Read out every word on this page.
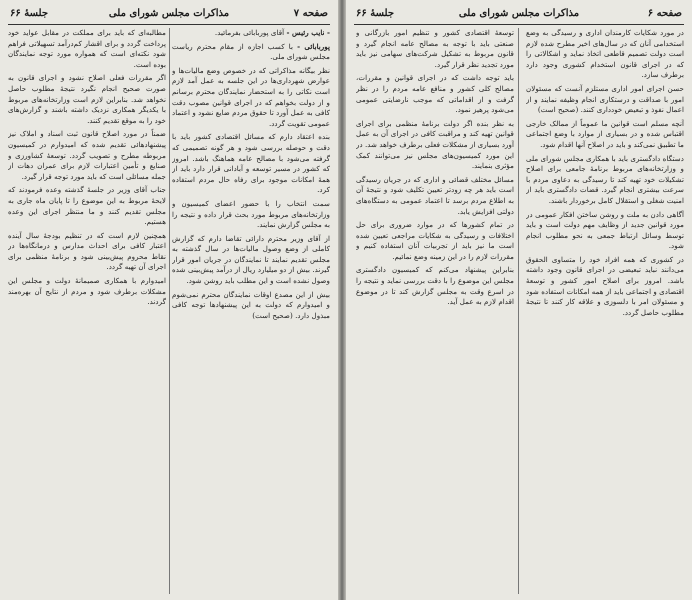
صفحه ۷
مذاکرات مجلس شورای ملی
جلسهٔ ۶۶

- نایب رئیس - آقای پوربابائی بفرمائید.

پوربابائی - با کسب اجازه از مقام محترم ریاست مجلس شورای ملی.

نظر بیگانه مذاکراتی که در خصوص وضع مالیات‌ها و عوارض شهرداری‌ها در این جلسه به عمل آمد لازم است نکاتی را به استحضار نمایندگان محترم برسانم و از دولت بخواهم که در اجرای قوانین مصوب دقت کافی به عمل آورد تا حقوق مردم ضایع نشود و اعتماد عمومی تقویت گردد.

بنده اعتقاد دارم که مسائل اقتصادی کشور باید با دقت و حوصله بررسی شود و هر گونه تصمیمی که گرفته می‌شود با مصالح عامه هماهنگ باشد. امروز که کشور در مسیر توسعه و آبادانی قرار دارد باید از همهٔ امکانات موجود برای رفاه حال مردم استفاده کرد.

سمت انتخاب را با حضور اعضای کمیسیون و وزارتخانه‌های مربوط مورد بحث قرار داده و نتیجه را به مجلس گزارش نمایند.

از آقای وزیر محترم دارائی تقاضا دارم که گزارش کاملی از وضع وصول مالیات‌ها در سال گذشته به مجلس تقدیم نمایند تا نمایندگان در جریان امور قرار گیرند. بیش از دو میلیارد ریال از درآمد پیش‌بینی شده وصول نشده است و این مطلب باید روشن شود.

بیش از این مصدع اوقات نمایندگان محترم نمی‌شوم و امیدوارم که دولت به این پیشنهادها توجه کافی مبذول دارد. (صحیح است)

مطالبه‌ای که باید برای مملکت در مقابل عواید خود پرداخت گردد و برای اقشار کم‌درآمد تسهیلاتی فراهم شود نکته‌ای است که همواره مورد توجه نمایندگان بوده است.

اگر مقررات فعلی اصلاح نشود و اجرای قانون به صورت صحیح انجام نگیرد نتیجهٔ مطلوب حاصل نخواهد شد. بنابراین لازم است وزارتخانه‌های مربوط با یکدیگر همکاری نزدیک داشته باشند و گزارش‌های خود را به موقع تقدیم کنند.

ضمناً در مورد اصلاح قانون ثبت اسناد و املاک نیز پیشنهادهائی تقدیم شده که امیدوارم در کمیسیون مربوطه مطرح و تصویب گردد. توسعهٔ کشاورزی و صنایع و تأمین اعتبارات لازم برای عمران دهات از جمله مسائلی است که باید مورد توجه قرار گیرد.

جناب آقای وزیر در جلسهٔ گذشته وعده فرمودند که لایحهٔ مربوط به این موضوع را تا پایان ماه جاری به مجلس تقدیم کنند و ما منتظر اجرای این وعده هستیم.

همچنین لازم است که در تنظیم بودجهٔ سال آینده اعتبار کافی برای احداث مدارس و درمانگاه‌ها در نقاط محروم پیش‌بینی شود و برنامهٔ منظمی برای اجرای آن تهیه گردد.

امیدوارم با همکاری صمیمانهٔ دولت و مجلس این مشکلات برطرف شود و مردم از نتایج آن بهره‌مند گردند.

صفحه ۶
مذاکرات مجلس شورای ملی
جلسهٔ ۶۶

در مورد شکایات کارمندان اداری و رسیدگی به وضع استخدامی آنان که در سال‌های اخیر مطرح شده لازم است دولت تصمیم قاطعی اتخاذ نماید و اشکالاتی را که در اجرای قانون استخدام کشوری وجود دارد برطرف سازد.

حسن اجرای امور اداری مستلزم آنست که مسئولان امور با صداقت و درستکاری انجام وظیفه نمایند و از اعمال نفوذ و تبعیض خودداری کنند. (صحیح است)

آنچه مسلم است قوانین ما عموماً از ممالک خارجی اقتباس شده و در بسیاری از موارد با وضع اجتماعی ما تطبیق نمی‌کند و باید در اصلاح آنها اقدام شود.

دستگاه دادگستری باید با همکاری مجلس شورای ملی و وزارتخانه‌های مربوط برنامهٔ جامعی برای اصلاح تشکیلات خود تهیه کند تا رسیدگی به دعاوی مردم با سرعت بیشتری انجام گیرد. قضات دادگستری باید از امنیت شغلی و استقلال کامل برخوردار باشند.

آگاهی دادن به ملت و روشن ساختن افکار عمومی در مورد قوانین جدید از وظایف مهم دولت است و باید توسط وسائل ارتباط جمعی به نحو مطلوب انجام شود.

در کشوری که همه افراد خود را متساوی الحقوق می‌دانند نباید تبعیضی در اجرای قانون وجود داشته باشد. امروز برای اصلاح امور کشور و توسعهٔ اقتصادی و اجتماعی باید از همه امکانات استفاده شود و مسئولان امر با دلسوزی و علاقه کار کنند تا نتیجهٔ مطلوب حاصل گردد.

توسعهٔ اقتصادی کشور و تنظیم امور بازرگانی و صنعتی باید با توجه به مصالح عامه انجام گیرد و قانون مربوط به تشکیل شرکت‌های سهامی نیز باید مورد تجدید نظر قرار گیرد.

باید توجه داشت که در اجرای قوانین و مقررات، مصالح کلی کشور و منافع عامه مردم را در نظر گرفت و از اقداماتی که موجب نارضایتی عمومی می‌شود پرهیز نمود.

به نظر بنده اگر دولت برنامهٔ منظمی برای اجرای قوانین تهیه کند و مراقبت کافی در اجرای آن به عمل آورد بسیاری از مشکلات فعلی برطرف خواهد شد. در این مورد کمیسیون‌های مجلس نیز می‌توانند کمک مؤثری بنمایند.

مسائل مختلف قضائی و اداری که در جریان رسیدگی است باید هر چه زودتر تعیین تکلیف شود و نتیجهٔ آن به اطلاع مردم برسد تا اعتماد عمومی به دستگاه‌های دولتی افزایش یابد.

در تمام کشورها که در موارد ضروری برای حل اختلافات و رسیدگی به شکایات مراجعی تعیین شده است ما نیز باید از تجربیات آنان استفاده کنیم و مقررات لازم را در این زمینه وضع نمائیم.

بنابراین پیشنهاد می‌کنم که کمیسیون دادگستری مجلس این موضوع را با دقت بررسی نماید و نتیجه را در اسرع وقت به مجلس گزارش کند تا در موضوع اقدام لازم به عمل آید.
